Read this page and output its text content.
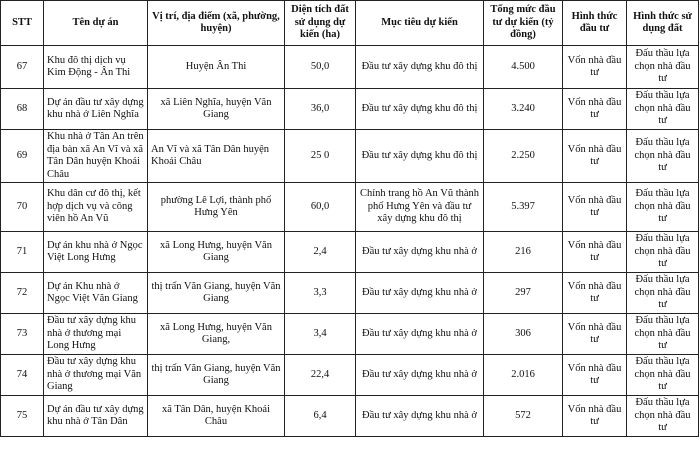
STT	Tên dự án	Vị trí, địa điểm (xã, phường, huyện)	Diện tích đất sử dụng dự kiến (ha)	Mục tiêu dự kiến	Tổng mức đầu tư dự kiến (tỷ đồng)	Hình thức đầu tư	Hình thức sử dụng đất
67	Khu đô thị dịch vụ Kim Động - Ân Thi	Huyện Ân Thi	50,0	Đầu tư xây dựng khu đô thị	4.500	Vốn nhà đầu tư	Đấu thầu lựa chọn nhà đầu tư
68	Dự án đầu tư xây dựng khu nhà ở Liên Nghĩa	xã Liên Nghĩa, huyện Văn Giang	36,0	Đầu tư xây dựng khu đô thị	3.240	Vốn nhà đầu tư	Đấu thầu lựa chọn nhà đầu tư
69	Khu nhà ở Tân An trên địa bàn xã An Vĩ và xã Tân Dân huyện Khoái Châu	An Vĩ và xã Tân Dân huyện Khoái Châu	25 0	Đầu tư xây dựng khu đô thị	2.250	Vốn nhà đầu tư	Đấu thầu lựa chọn nhà đầu tư
70	Khu dân cư đô thị, kết hợp dịch vụ và công viên hồ An Vũ	phường Lê Lợi, thành phố Hưng Yên	60,0	Chỉnh trang hồ An Vũ thành phố Hưng Yên và đầu tư xây dựng khu đô thị	5.397	Vốn nhà đầu tư	Đấu thầu lựa chọn nhà đầu tư
71	Dự án khu nhà ở Ngọc Việt Long Hưng	xã Long Hưng, huyện Văn Giang	2,4	Đầu tư xây dựng khu nhà ở	216	Vốn nhà đầu tư	Đấu thầu lựa chọn nhà đầu tư
72	Dự án Khu nhà ở Ngọc Việt Văn Giang	thị trấn Văn Giang, huyện Văn Giang	3,3	Đầu tư xây dựng khu nhà ở	297	Vốn nhà đầu tư	Đấu thầu lựa chọn nhà đầu tư
73	Đầu tư xây dựng khu nhà ở thương mại Long Hưng	xã Long Hưng, huyện Văn Giang,	3,4	Đầu tư xây dựng khu nhà ở	306	Vốn nhà đầu tư	Đấu thầu lựa chọn nhà đầu tư
74	Đầu tư xây dựng khu nhà ở thương mại Văn Giang	thị trấn Văn Giang, huyện Văn Giang	22,4	Đầu tư xây dựng khu nhà ở	2.016	Vốn nhà đầu tư	Đấu thầu lựa chọn nhà đầu tư
75	Dự án đầu tư xây dựng khu nhà ở Tân Dân	xã Tân Dân, huyện Khoái Châu	6,4	Đầu tư xây dựng khu nhà ở	572	Vốn nhà đầu tư	Đấu thầu lựa chọn nhà đầu tư
